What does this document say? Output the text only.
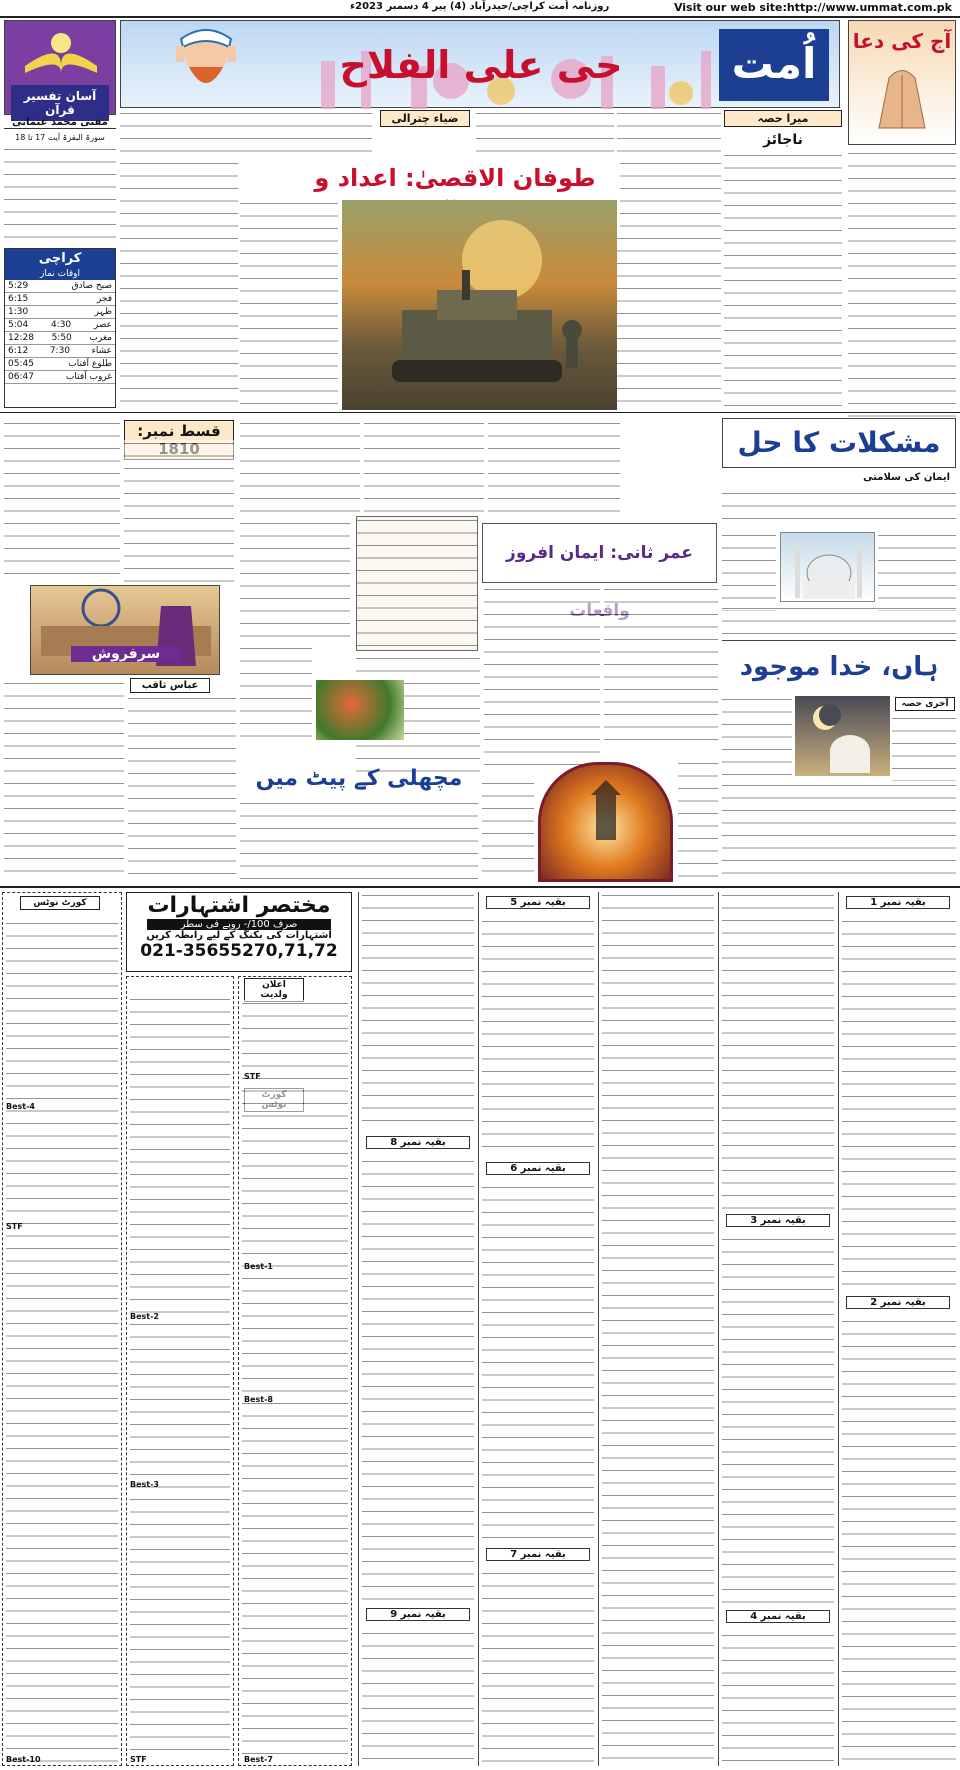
Visit our web site:http://www.ummat.com.pk
روزنامہ اُمت کراچی/حیدرآباد (4) پیر 4 دسمبر 2023ء
حی علی الفلاح	اُمت
آسان تفسیر قرآن
مفتی محمد عثمانی
سورۃ البقرۃ آیت 17 تا 18
کراچی
اوقات نماز
صبح صادق
5:29
فجر
6:15
ظہر
1:30
عصر
4:30
5:04
مغرب
5:50
12:28
عشاء
7:30
6:12
طلوع آفتاب
05:45
غروب آفتاب
06:47
آج کی دعا
میرا حصہ
ناجائز
ضیاء چترالی
طوفان الاقصیٰ: اعداد و
قسط نمبر:
سرفروش
عباس ثاقب
عمر ثانی: ایمان افروز
مچھلی کے پیٹ میں
مشکلات کا حل
ایمان کی سلامتی
ہاں، خدا موجود
آخری حصہ
مختصر اشتہارات
صرف 100/- روپے فی سطر
اشتہارات کی بکنگ کے لیے رابطہ کریں
021-35655270,71,72
کورٹ نوٹس
اعلان ولدیت
Best-4
Best-1
Best-2
Best-8
Best-3
Best-7
Best-10
STF
STF
STF
بقیہ نمبر 8
بقیہ نمبر 9
بقیہ نمبر 5
بقیہ نمبر 6
بقیہ نمبر 7
بقیہ نمبر 3
بقیہ نمبر 4
بقیہ نمبر 1
بقیہ نمبر 2
